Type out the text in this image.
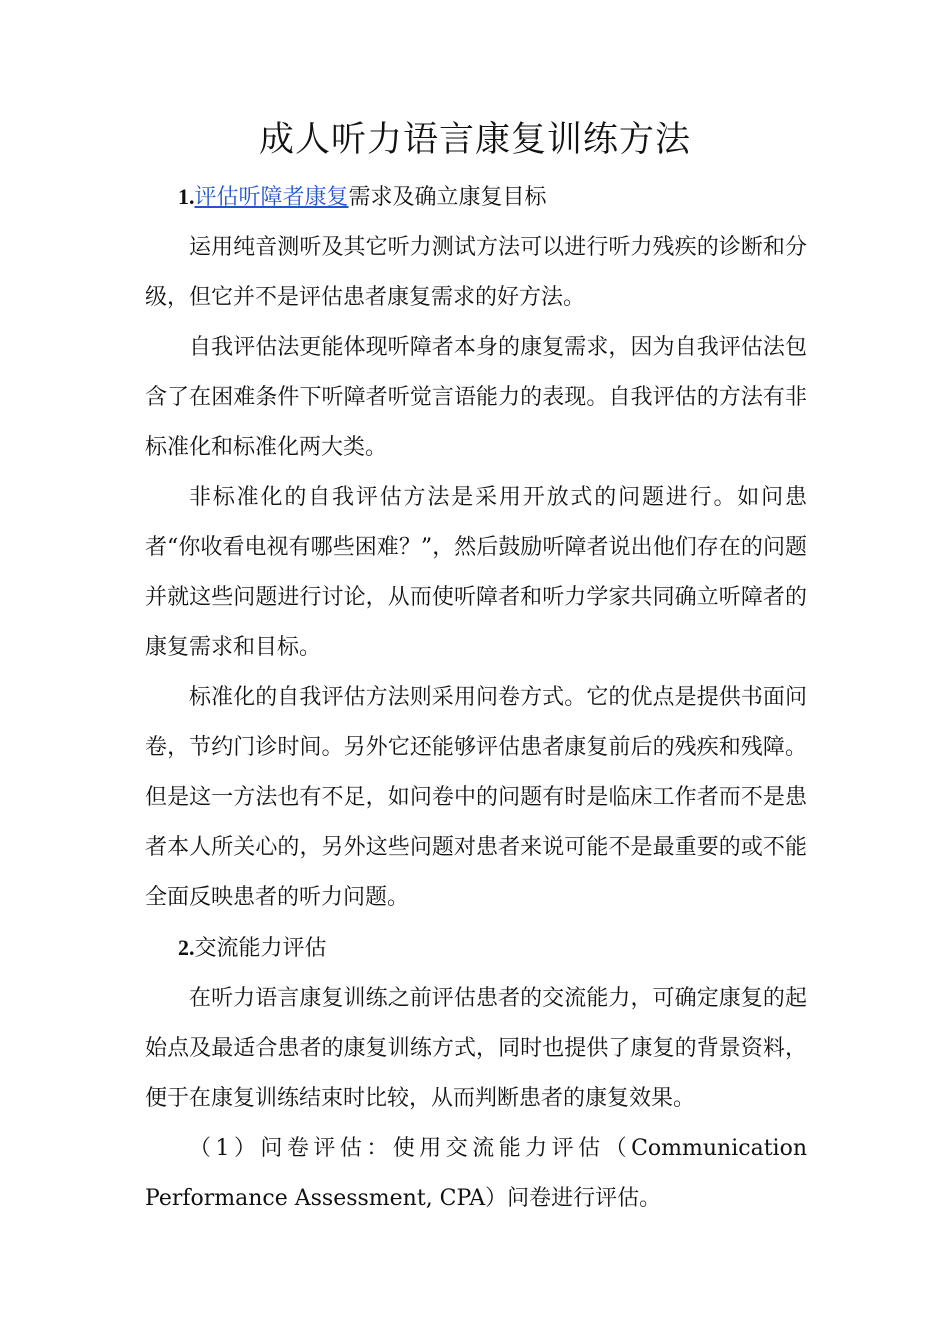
成人听力语言康复训练方法

1.评估听障者康复需求及确立康复目标

运用纯音测听及其它听力测试方法可以进行听力残疾的诊断和分级，但它并不是评估患者康复需求的好方法。

自我评估法更能体现听障者本身的康复需求，因为自我评估法包含了在困难条件下听障者听觉言语能力的表现。自我评估的方法有非标准化和标准化两大类。

非标准化的自我评估方法是采用开放式的问题进行。如问患者“你收看电视有哪些困难？”，然后鼓励听障者说出他们存在的问题并就这些问题进行讨论，从而使听障者和听力学家共同确立听障者的康复需求和目标。

标准化的自我评估方法则采用问卷方式。它的优点是提供书面问卷，节约门诊时间。另外它还能够评估患者康复前后的残疾和残障。但是这一方法也有不足，如问卷中的问题有时是临床工作者而不是患者本人所关心的，另外这些问题对患者来说可能不是最重要的或不能全面反映患者的听力问题。

2.交流能力评估

在听力语言康复训练之前评估患者的交流能力，可确定康复的起始点及最适合患者的康复训练方式，同时也提供了康复的背景资料，便于在康复训练结束时比较，从而判断患者的康复效果。

（1）问卷评估：使用交流能力评估（Communication Performance Assessment, CPA）问卷进行评估。
